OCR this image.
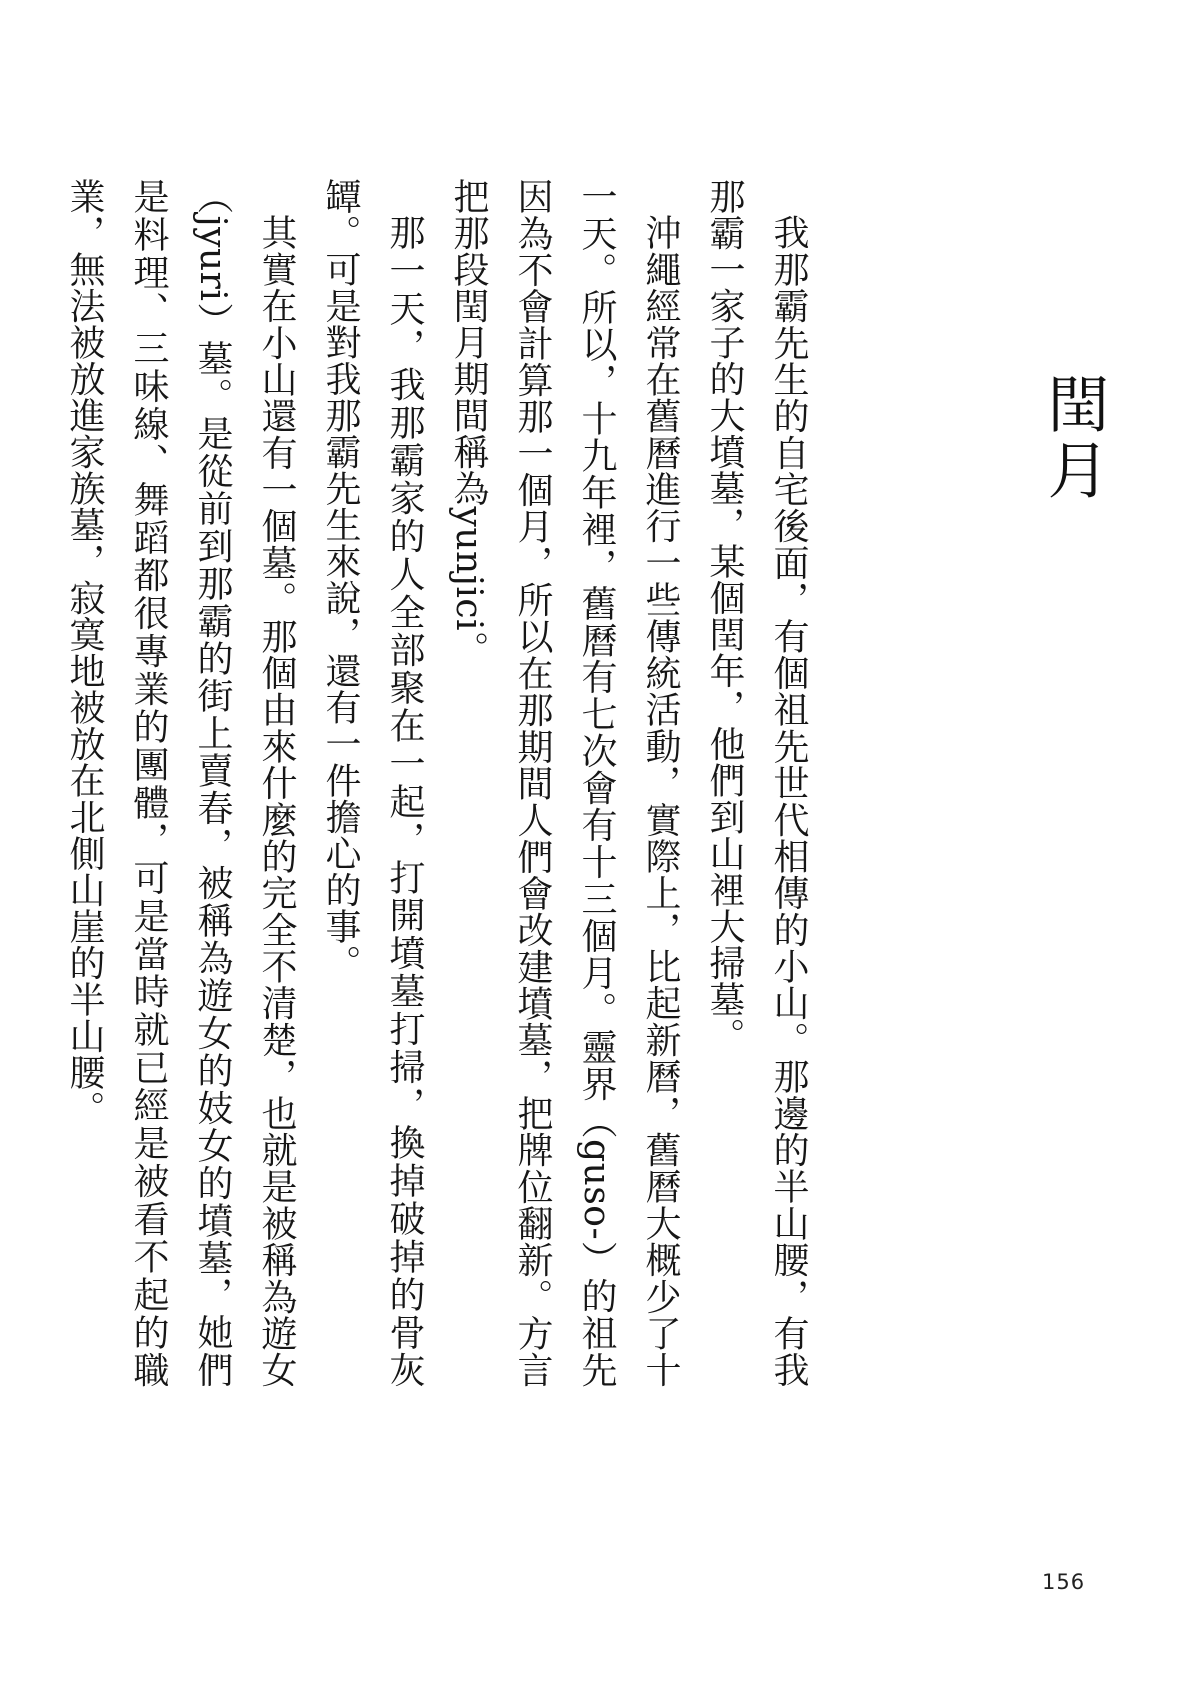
閏月

我那霸先生的自宅後面，有個祖先世代相傳的小山。那邊的半山腰，有我那霸一家子的大墳墓，某個閏年，他們到山裡大掃墓。

沖繩經常在舊曆進行一些傳統活動，實際上，比起新曆，舊曆大概少了十一天。所以，十九年裡，舊曆有七次會有十三個月。靈界（guso-）的祖先因為不會計算那一個月，所以在那期間人們會改建墳墓，把牌位翻新。方言把那段閏月期間稱為yunjici。

那一天，我那霸家的人全部聚在一起，打開墳墓打掃，換掉破掉的骨灰罈。可是對我那霸先生來說，還有一件擔心的事。

其實在小山還有一個墓。那個由來什麼的完全不清楚，也就是被稱為遊女（jyuri）墓。是從前到那霸的街上賣春，被稱為遊女的妓女的墳墓，她們是料理、三味線、舞蹈都很專業的團體，可是當時就已經是被看不起的職業，無法被放進家族墓，寂寞地被放在北側山崖的半山腰。

156
